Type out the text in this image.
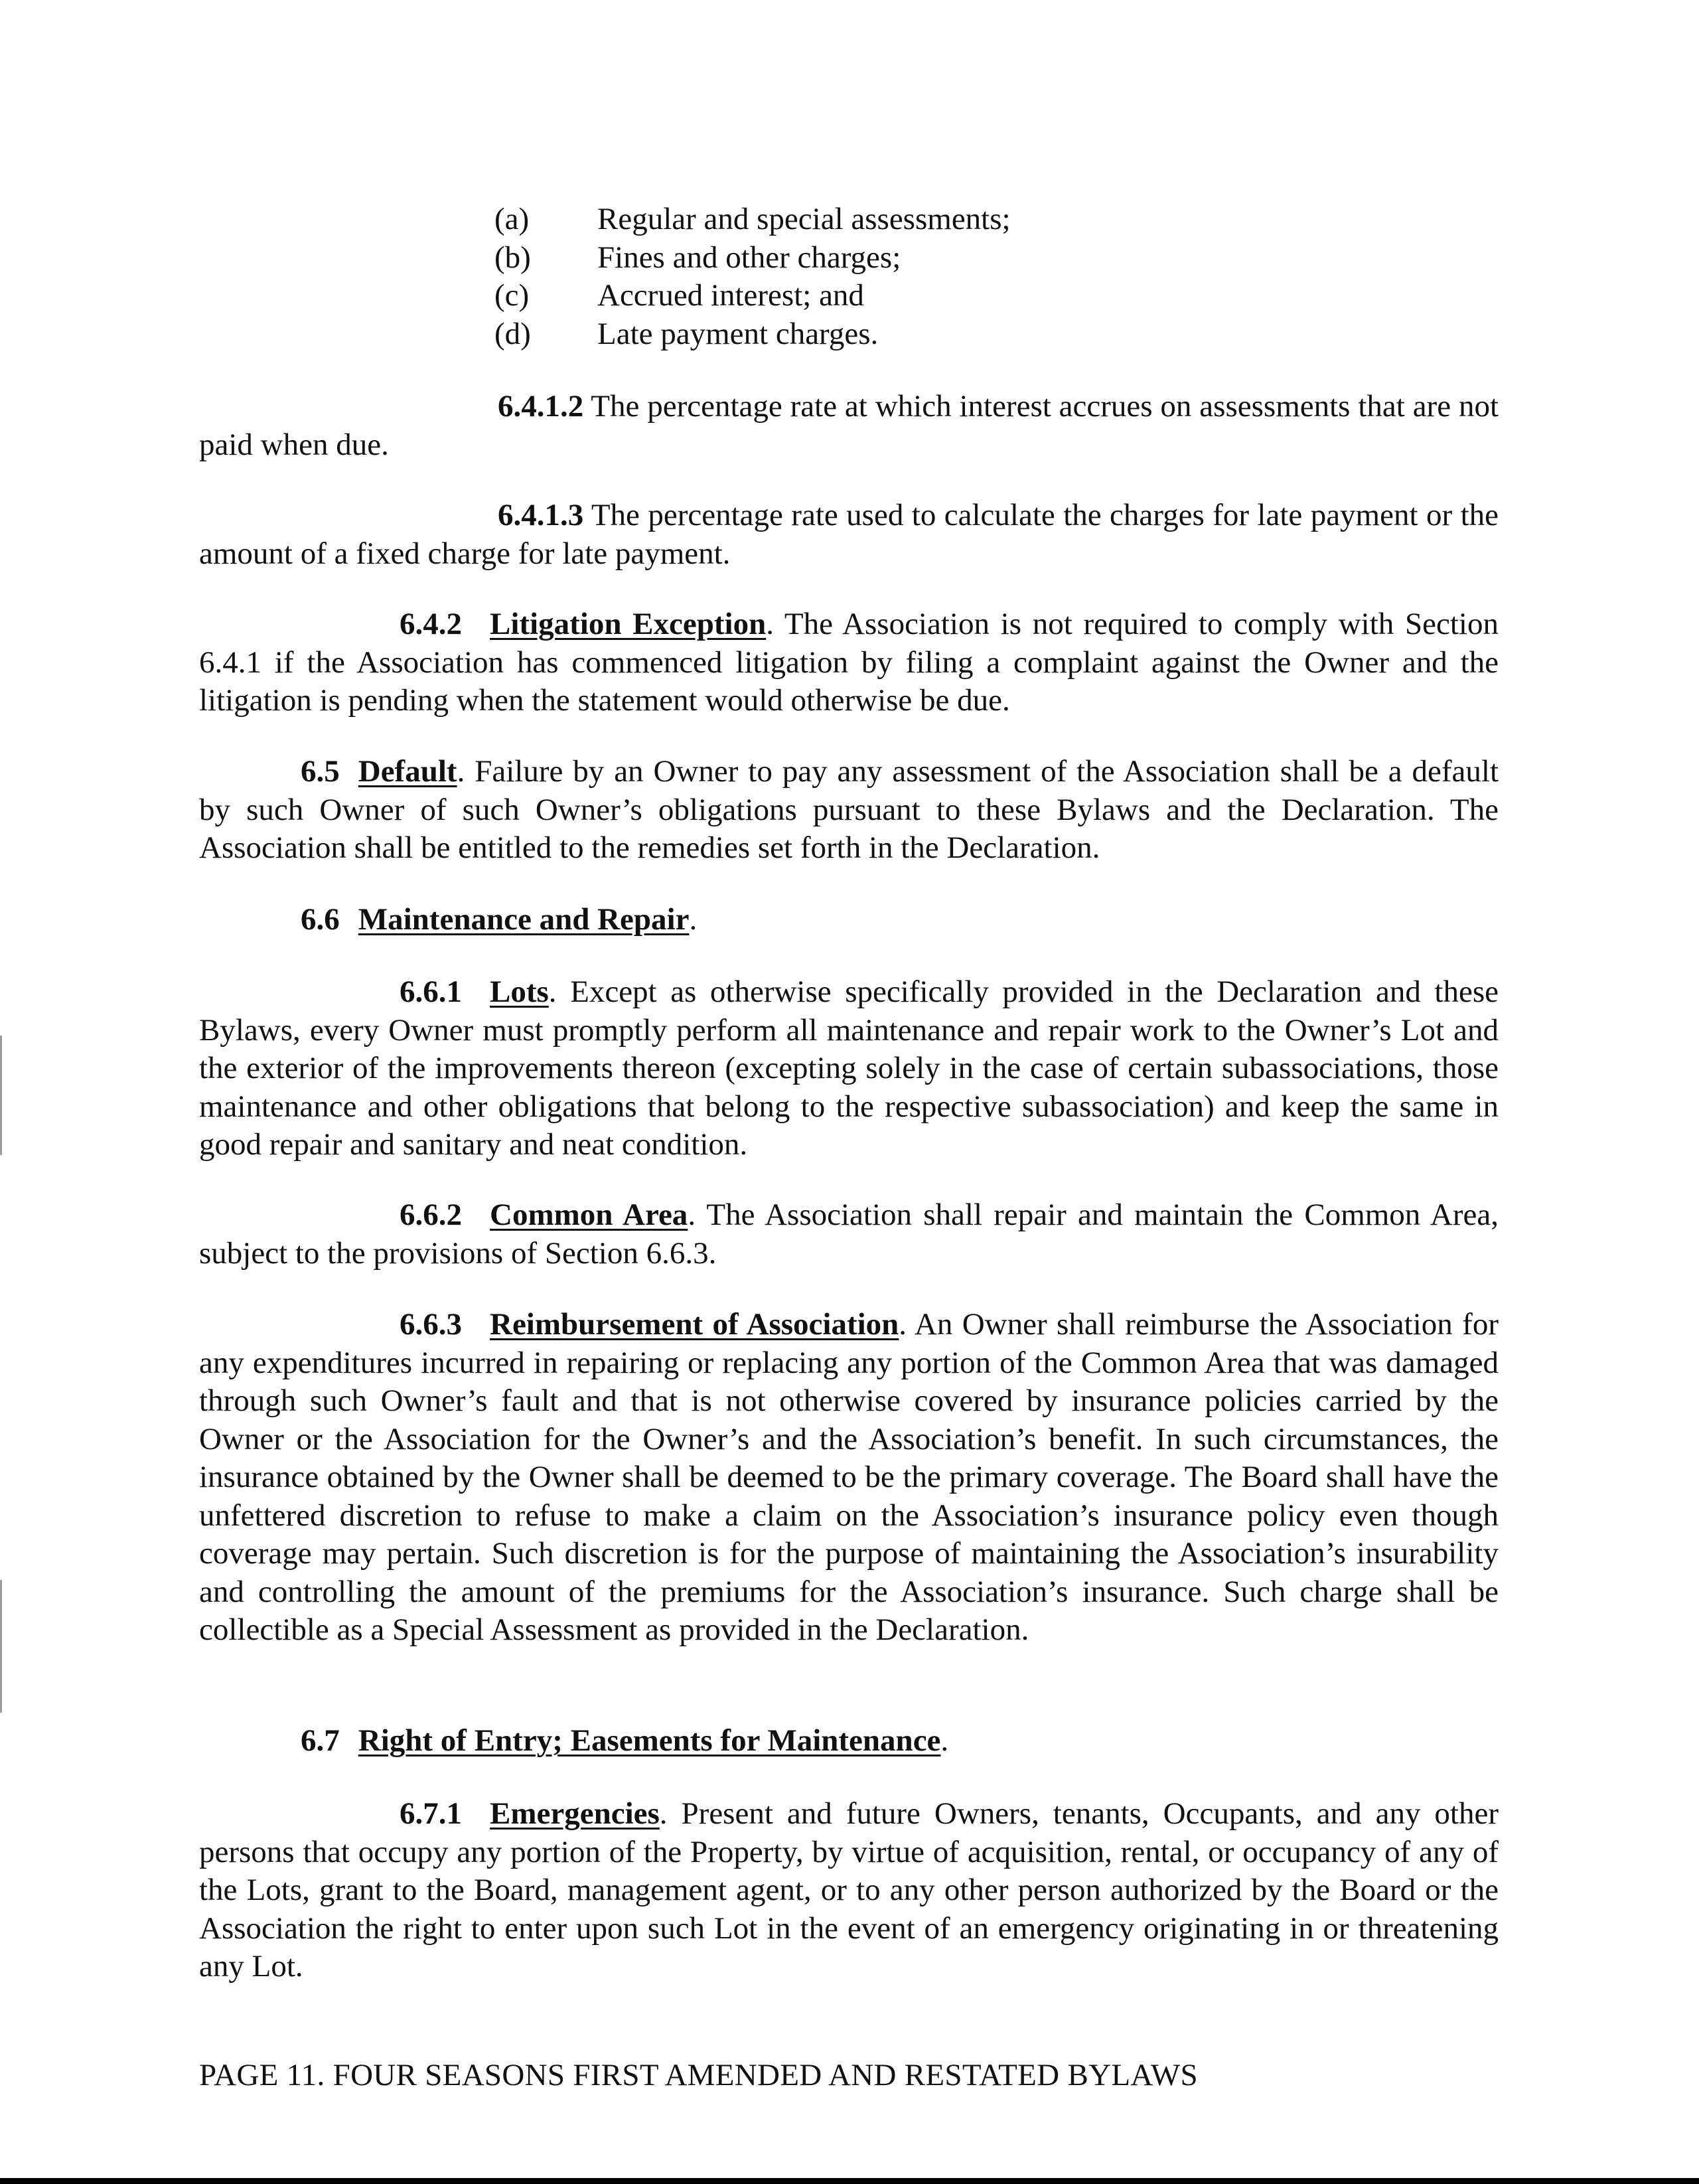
(a) Regular and special assessments;
(b) Fines and other charges;
(c) Accrued interest; and
(d) Late payment charges.

6.4.1.2 The percentage rate at which interest accrues on assessments that are not paid when due.

6.4.1.3 The percentage rate used to calculate the charges for late payment or the amount of a fixed charge for late payment.

6.4.2 Litigation Exception. The Association is not required to comply with Section 6.4.1 if the Association has commenced litigation by filing a complaint against the Owner and the litigation is pending when the statement would otherwise be due.

6.5 Default. Failure by an Owner to pay any assessment of the Association shall be a default by such Owner of such Owner’s obligations pursuant to these Bylaws and the Declaration. The Association shall be entitled to the remedies set forth in the Declaration.

6.6 Maintenance and Repair.

6.6.1 Lots. Except as otherwise specifically provided in the Declaration and these Bylaws, every Owner must promptly perform all maintenance and repair work to the Owner’s Lot and the exterior of the improvements thereon (excepting solely in the case of certain subassociations, those maintenance and other obligations that belong to the respective subassociation) and keep the same in good repair and sanitary and neat condition.

6.6.2 Common Area. The Association shall repair and maintain the Common Area, subject to the provisions of Section 6.6.3.

6.6.3 Reimbursement of Association. An Owner shall reimburse the Association for any expenditures incurred in repairing or replacing any portion of the Common Area that was damaged through such Owner’s fault and that is not otherwise covered by insurance policies carried by the Owner or the Association for the Owner’s and the Association’s benefit. In such circumstances, the insurance obtained by the Owner shall be deemed to be the primary coverage. The Board shall have the unfettered discretion to refuse to make a claim on the Association’s insurance policy even though coverage may pertain. Such discretion is for the purpose of maintaining the Association’s insurability and controlling the amount of the premiums for the Association’s insurance. Such charge shall be collectible as a Special Assessment as provided in the Declaration.

6.7 Right of Entry; Easements for Maintenance.

6.7.1 Emergencies. Present and future Owners, tenants, Occupants, and any other persons that occupy any portion of the Property, by virtue of acquisition, rental, or occupancy of any of the Lots, grant to the Board, management agent, or to any other person authorized by the Board or the Association the right to enter upon such Lot in the event of an emergency originating in or threatening any Lot.

PAGE 11. FOUR SEASONS FIRST AMENDED AND RESTATED BYLAWS
